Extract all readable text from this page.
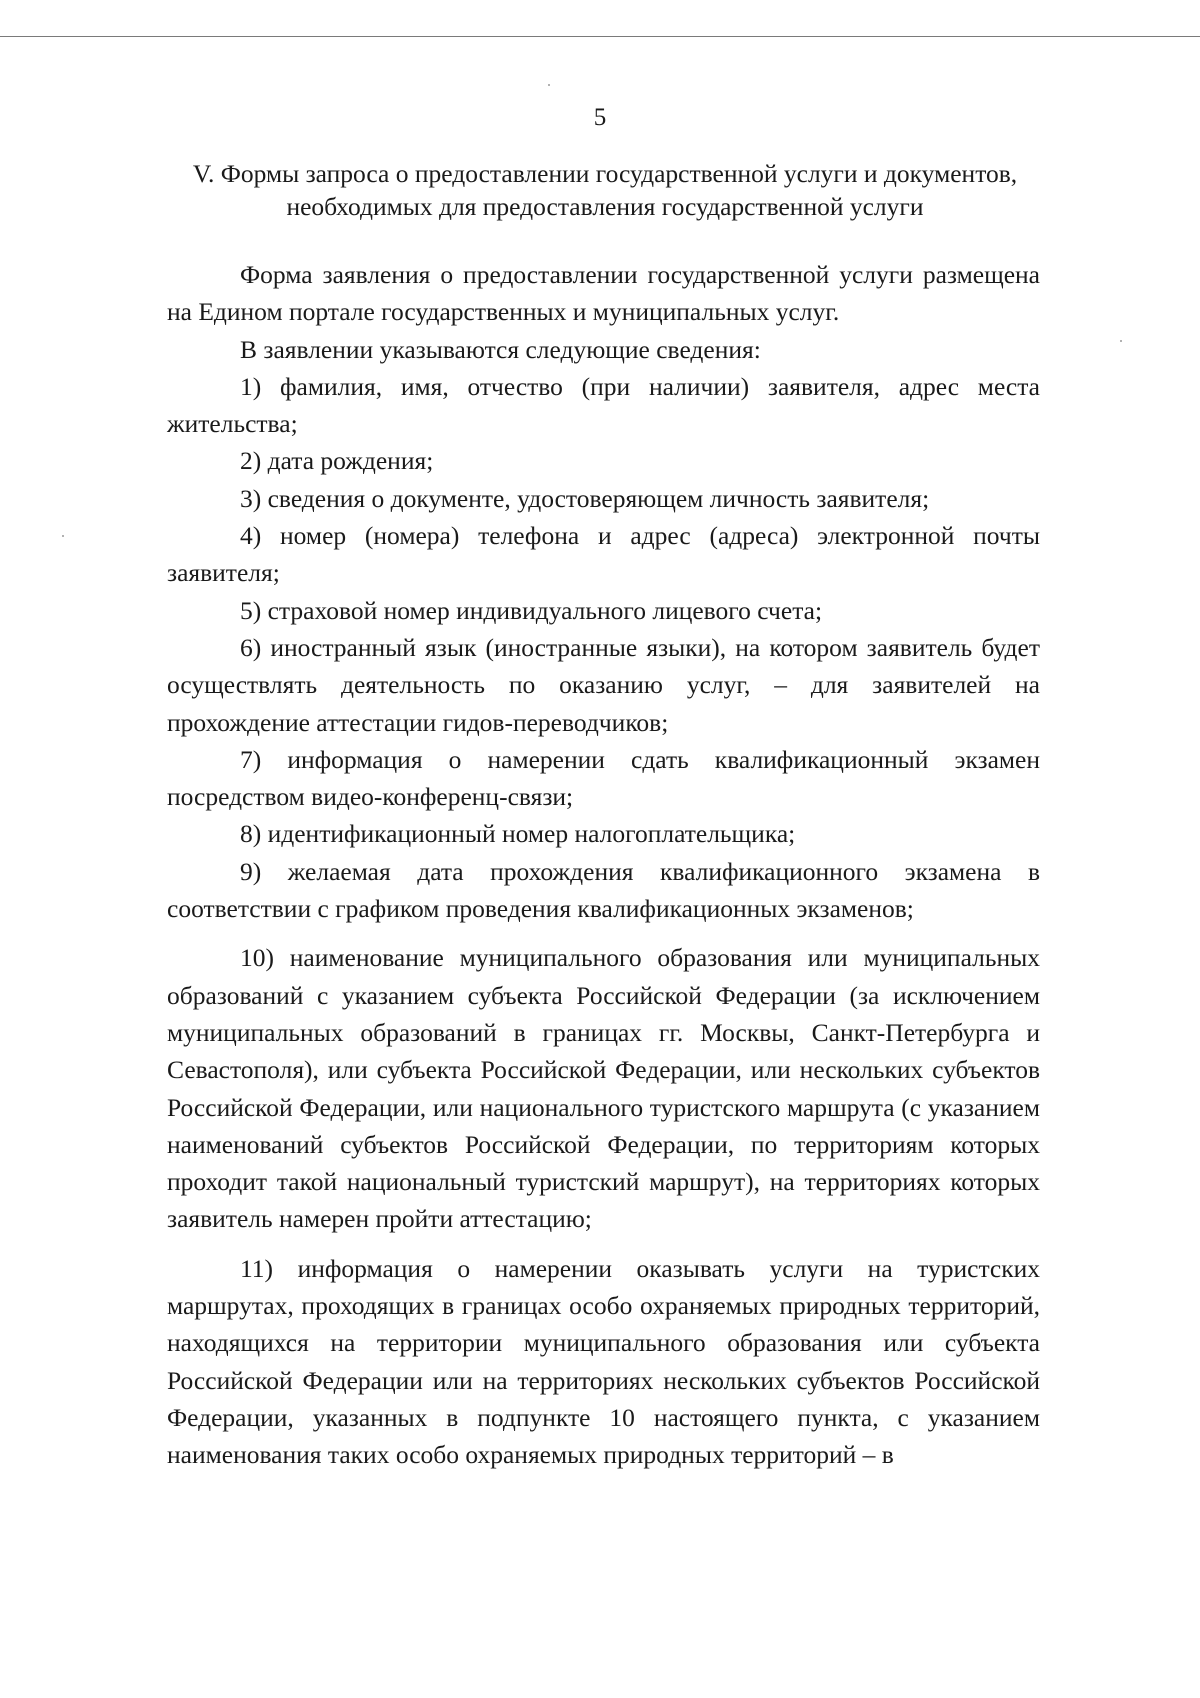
5
V. Формы запроса о предоставлении государственной услуги и документов,
необходимых для предоставления государственной услуги

Форма заявления о предоставлении государственной услуги размещена на Едином портале государственных и муниципальных услуг.

В заявлении указываются следующие сведения:

1) фамилия, имя, отчество (при наличии) заявителя, адрес места жительства;

2) дата рождения;

3) сведения о документе, удостоверяющем личность заявителя;

4) номер (номера) телефона и адрес (адреса) электронной почты заявителя;

5) страховой номер индивидуального лицевого счета;

6) иностранный язык (иностранные языки), на котором заявитель будет осуществлять деятельность по оказанию услуг, – для заявителей на прохождение аттестации гидов-переводчиков;

7) информация о намерении сдать квалификационный экзамен посредством видео-конференц-связи;

8) идентификационный номер налогоплательщика;

9) желаемая дата прохождения квалификационного экзамена в соответствии с графиком проведения квалификационных экзаменов;

10) наименование муниципального образования или муниципальных образований с указанием субъекта Российской Федерации (за исключением муниципальных образований в границах гг. Москвы, Санкт-Петербурга и Севастополя), или субъекта Российской Федерации, или нескольких субъектов Российской Федерации, или национального туристского маршрута (с указанием наименований субъектов Российской Федерации, по территориям которых проходит такой национальный туристский маршрут), на территориях которых заявитель намерен пройти аттестацию;

11) информация о намерении оказывать услуги на туристских маршрутах, проходящих в границах особо охраняемых природных территорий, находящихся на территории муниципального образования или субъекта Российской Федерации или на территориях нескольких субъектов Российской Федерации, указанных в подпункте 10 настоящего пункта, с указанием наименования таких особо охраняемых природных территорий – в
